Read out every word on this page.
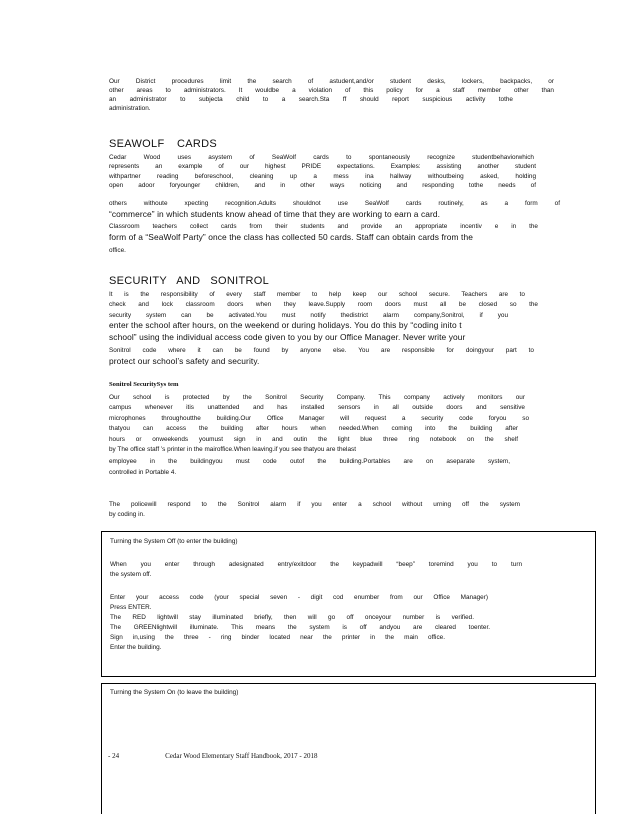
Our District procedures limit the search of astudent,and/or student desks, lockers, backpacks, or
other areas to administrators. It wouldbe a violation of this policy for a staff member other than
an administrator to subjecta child to a search.Sta ff should report suspicious activity tothe
administration.
SEAWOLF CARDS
Cedar Wood uses asystem of SeaWolf cards to spontaneously recognize studentbehaviorwhich
represents an example of our highest PRIDE expectations. Examples: assisting another student
withpartner reading beforeschool, cleaning up a mess ina hallway withoutbeing asked, holding
open adoor foryounger children, and in other ways noticing and responding tothe needs of
others withoute xpecting recognition.Adults shouldnot use SeaWolf cards routinely, as a form of
“commerce” in which students know ahead of time that they are working to earn a card.
Classroom teachers collect cards from their students and provide an appropriate incentiv e in the
form of a “SeaWolf Party” once the class has collected 50 cards. Staff can obtain cards from the
office.
SECURITY AND SONITROL
It is the responsibility of every staff member to help keep our school secure. Teachers are to
check and lock classroom doors when they leave.Supply room doors must all be closed so the
security system can be activated.You must notify thedistrict alarm company,Sonitrol, if you
enter the school after hours, on the weekend or during holidays. You do this by “coding inito t
school” using the individual access code given to you by our Office Manager. Never write your
Sonitrol code where it can be found by anyone else. You are responsible for doingyour part to
protect our school’s safety and security.
Sonitrol SecuritySys tem
Our school is protected by the Sonitrol Security Company. This company actively monitors our
campus whenever itis unattended and has installed sensors in all outside doors and sensitive
microphones throughoutthe building.Our Office Manager will request a security code foryou so
thatyou can access the building after hours when needed.When coming into the building after
hours or onweekends youmust sign in and outin the light blue three ring notebook on the shelf
by The office staff ’s printer in the mairoffice.When leaving.if you see thatyou are thelast
employee in the buildingyou must code outof the building.Portables are on aseparate system,
controlled in Portable 4.
The policewill respond to the Sonitrol alarm if you enter a school without urning off the system
by coding in.
Turning the System Off (to enter the building)
When you enter through adesignated entry/exitdoor the keypadwill “beep” toremind you to turn
the system off.
Enter your access code (your special seven - digit cod enumber from our Office Manager)
Press ENTER.
The RED lightwill stay illuminated briefly, then will go off onceyour number is verified.
The GREENlightwill illuminate. This means the system is off andyou are cleared toenter.
Sign in,using the three - ring binder located near the printer in the main office.
Enter the building.
Turning the System On (to leave the building)
- 24	Cedar Wood Elementary Staff Handbook, 2017 - 2018
